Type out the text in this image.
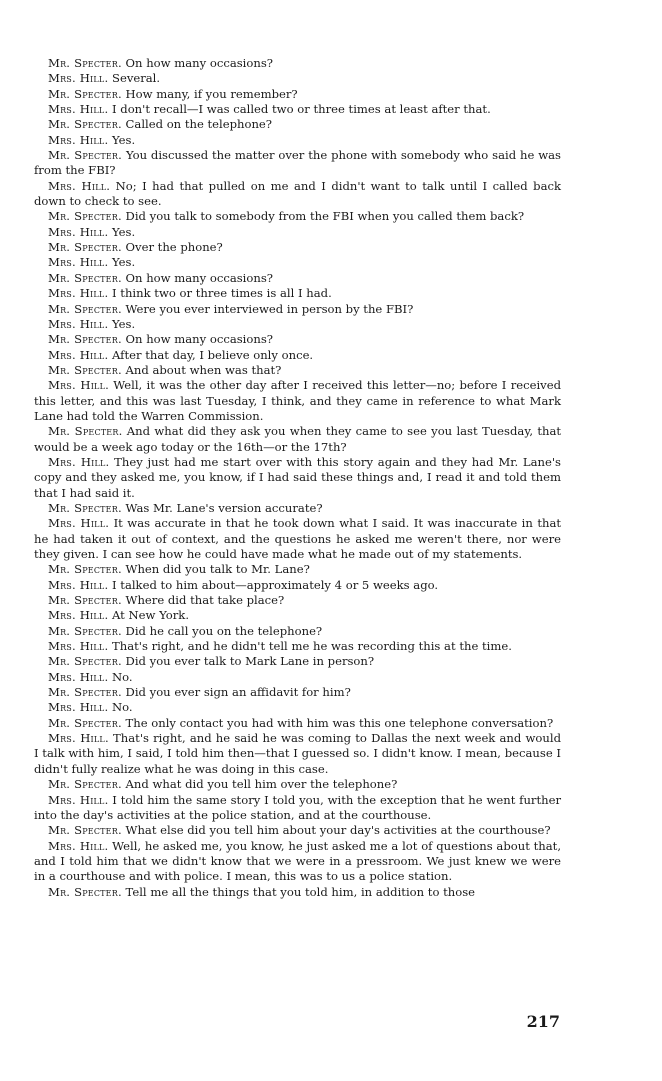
Mr. Specter. On how many occasions?

Mrs. Hill. Several.

Mr. Specter. How many, if you remember?

Mrs. Hill. I don't recall—I was called two or three times at least after that.

Mr. Specter. Called on the telephone?

Mrs. Hill. Yes.

Mr. Specter. You discussed the matter over the phone with somebody who said he was from the FBI?

Mrs. Hill. No; I had that pulled on me and I didn't want to talk until I called back down to check to see.

Mr. Specter. Did you talk to somebody from the FBI when you called them back?

Mrs. Hill. Yes.

Mr. Specter. Over the phone?

Mrs. Hill. Yes.

Mr. Specter. On how many occasions?

Mrs. Hill. I think two or three times is all I had.

Mr. Specter. Were you ever interviewed in person by the FBI?

Mrs. Hill. Yes.

Mr. Specter. On how many occasions?

Mrs. Hill. After that day, I believe only once.

Mr. Specter. And about when was that?

Mrs. Hill. Well, it was the other day after I received this letter—no; before I received this letter, and this was last Tuesday, I think, and they came in reference to what Mark Lane had told the Warren Commission.

Mr. Specter. And what did they ask you when they came to see you last Tuesday, that would be a week ago today or the 16th—or the 17th?

Mrs. Hill. They just had me start over with this story again and they had Mr. Lane's copy and they asked me, you know, if I had said these things and, I read it and told them that I had said it.

Mr. Specter. Was Mr. Lane's version accurate?

Mrs. Hill. It was accurate in that he took down what I said. It was inaccurate in that he had taken it out of context, and the questions he asked me weren't there, nor were they given. I can see how he could have made what he made out of my statements.

Mr. Specter. When did you talk to Mr. Lane?

Mrs. Hill. I talked to him about—approximately 4 or 5 weeks ago.

Mr. Specter. Where did that take place?

Mrs. Hill. At New York.

Mr. Specter. Did he call you on the telephone?

Mrs. Hill. That's right, and he didn't tell me he was recording this at the time.

Mr. Specter. Did you ever talk to Mark Lane in person?

Mrs. Hill. No.

Mr. Specter. Did you ever sign an affidavit for him?

Mrs. Hill. No.

Mr. Specter. The only contact you had with him was this one telephone conversation?

Mrs. Hill. That's right, and he said he was coming to Dallas the next week and would I talk with him, I said, I told him then—that I guessed so. I didn't know. I mean, because I didn't fully realize what he was doing in this case.

Mr. Specter. And what did you tell him over the telephone?

Mrs. Hill. I told him the same story I told you, with the exception that he went further into the day's activities at the police station, and at the courthouse.

Mr. Specter. What else did you tell him about your day's activities at the courthouse?

Mrs. Hill. Well, he asked me, you know, he just asked me a lot of questions about that, and I told him that we didn't know that we were in a pressroom. We just knew we were in a courthouse and with police. I mean, this was to us a police station.

Mr. Specter. Tell me all the things that you told him, in addition to those

217
